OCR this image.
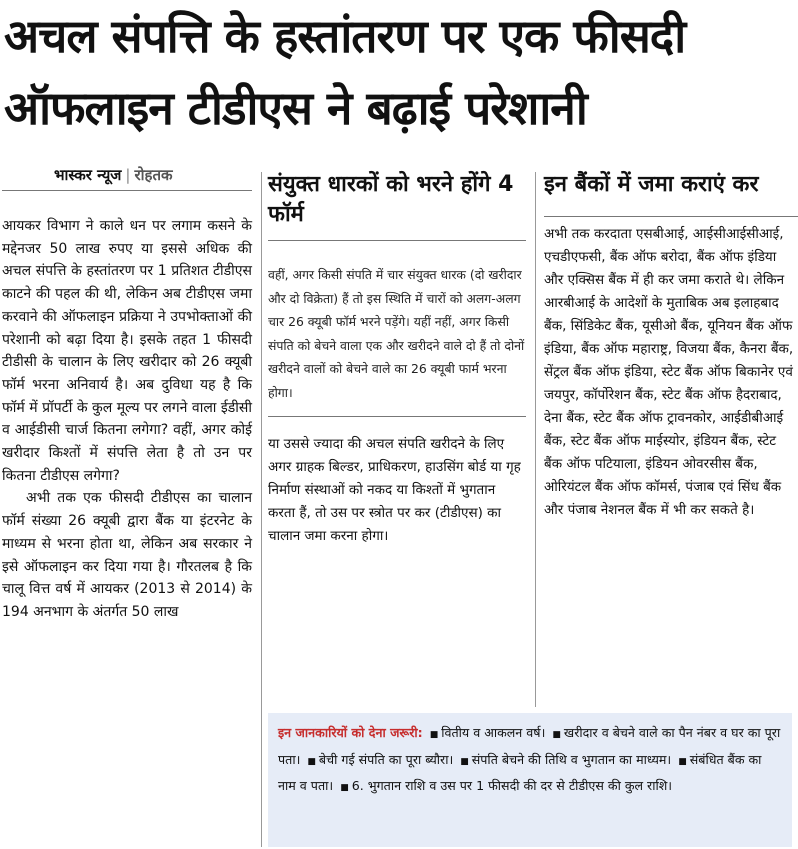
अचल संपत्ति के हस्तांतरण पर एक फीसदी
ऑफलाइन टीडीएस ने बढ़ाई परेशानी
भास्कर न्यूज | रोहतक

आयकर विभाग ने काले धन पर लगाम कसने के मद्देनजर 50 लाख रुपए या इससे अधिक की अचल संपत्ति के हस्तांतरण पर 1 प्रतिशत टीडीएस काटने की पहल की थी, लेकिन अब टीडीएस जमा करवाने की ऑफलाइन प्रक्रिया ने उपभोक्ताओं की परेशानी को बढ़ा दिया है। इसके तहत 1 फीसदी टीडीसी के चालान के लिए खरीदार को 26 क्यूबी फॉर्म भरना अनिवार्य है। अब दुविधा यह है कि फॉर्म में प्रॉपर्टी के कुल मूल्य पर लगने वाला ईडीसी व आईडीसी चार्ज कितना लगेगा? वहीं, अगर कोई खरीदार किश्तों में संपत्ति लेता है तो उन पर कितना टीडीएस लगेगा?

अभी तक एक फीसदी टीडीएस का चालान फॉर्म संख्या 26 क्यूबी द्वारा बैंक या इंटरनेट के माध्यम से भरना होता था, लेकिन अब सरकार ने इसे ऑफलाइन कर दिया गया है। गौरतलब है कि चालू वित्त वर्ष में आयकर (2013 से 2014) के 194 अनभाग के अंतर्गत 50 लाख

संयुक्त धारकों को भरने होंगे 4 फॉर्म

वहीं, अगर किसी संपति में चार संयुक्त धारक (दो खरीदार और दो विक्रेता) हैं तो इस स्थिति में चारों को अलग-अलग चार 26 क्यूबी फॉर्म भरने पड़ेंगे। यहीं नहीं, अगर किसी संपति को बेचने वाला एक और खरीदने वाले दो हैं तो दोनों खरीदने वालों को बेचने वाले का 26 क्यूबी फार्म भरना होगा।

या उससे ज्यादा की अचल संपति खरीदने के लिए अगर ग्राहक बिल्डर, प्राधिकरण, हाउसिंग बोर्ड या गृह निर्माण संस्थाओं को नकद या किश्तों में भुगतान करता हैं, तो उस पर स्त्रोत पर कर (टीडीएस) का चालान जमा करना होगा।

इन बैंकों में जमा कराएं कर

अभी तक करदाता एसबीआई, आईसीआईसीआई, एचडीएफसी, बैंक ऑफ बरोदा, बैंक ऑफ इंडिया और एक्सिस बैंक में ही कर जमा कराते थे। लेकिन आरबीआई के आदेशों के मुताबिक अब इलाहबाद बैंक, सिंडिकेट बैंक, यूसीओ बैंक, यूनियन बैंक ऑफ इंडिया, बैंक ऑफ महाराष्ट्र, विजया बैंक, कैनरा बैंक, सेंट्रल बैंक ऑफ इंडिया, स्टेट बैंक ऑफ बिकानेर एवं जयपुर, कॉर्पोरेशन बैंक, स्टेट बैंक ऑफ हैदराबाद, देना बैंक, स्टेट बैंक ऑफ ट्रावनकोर, आईडीबीआई बैंक, स्टेट बैंक ऑफ माईस्योर, इंडियन बैंक, स्टेट बैंक ऑफ पटियाला, इंडियन ओवरसीस बैंक, ओरियंटल बैंक ऑफ कॉमर्स, पंजाब एवं सिंध बैंक और पंजाब नेशनल बैंक में भी कर सकते है।

इन जानकारियों को देना जरूरी: ■ वितीय व आकलन वर्ष। ■ खरीदार व बेचने वाले का पैन नंबर व घर का पूरा पता। ■ बेची गई संपति का पूरा ब्यौरा। ■ संपति बेचने की तिथि व भुगतान का माध्यम। ■ संबंधित बैंक का नाम व पता। ■ 6. भुगतान राशि व उस पर 1 फीसदी की दर से टीडीएस की कुल राशि।
